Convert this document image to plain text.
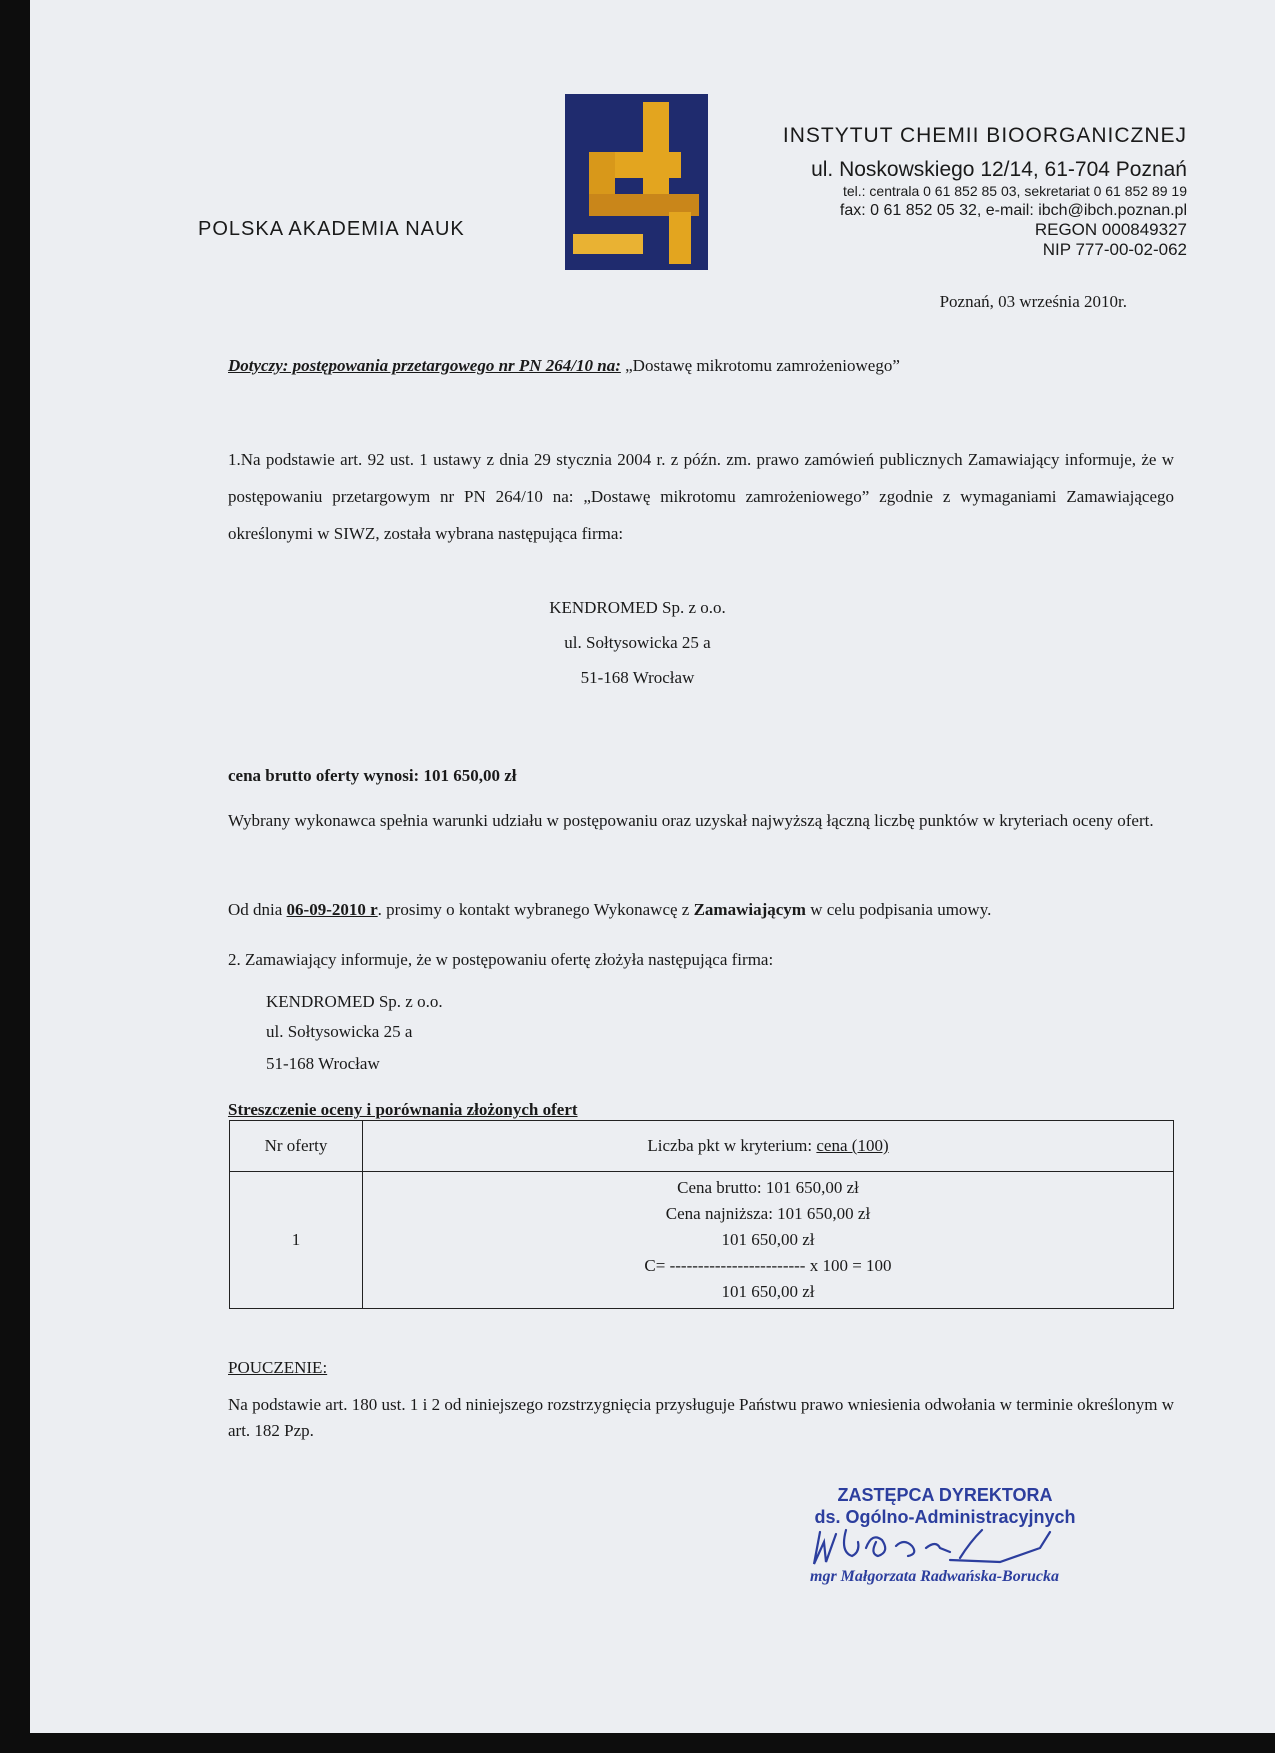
POLSKA AKADEMIA NAUK
INSTYTUT CHEMII BIOORGANICZNEJ
ul. Noskowskiego 12/14, 61-704 Poznań
tel.: centrala 0 61 852 85 03, sekretariat 0 61 852 89 19
fax: 0 61 852 05 32, e-mail: ibch@ibch.poznan.pl
REGON 000849327
NIP 777-00-02-062
Poznań, 03 września 2010r.
Dotyczy: postępowania przetargowego nr PN 264/10 na: „Dostawę mikrotomu zamrożeniowego”
1.Na podstawie art. 92 ust. 1 ustawy z dnia 29 stycznia 2004 r. z późn. zm. prawo zamówień publicznych Zamawiający informuje, że w postępowaniu przetargowym nr PN 264/10 na: „Dostawę mikrotomu zamrożeniowego” zgodnie z wymaganiami Zamawiającego określonymi w SIWZ, została wybrana następująca firma:
KENDROMED Sp. z o.o.
ul. Sołtysowicka 25 a
51-168 Wrocław
cena brutto oferty wynosi: 101 650,00 zł
Wybrany wykonawca spełnia warunki udziału w postępowaniu oraz uzyskał najwyższą łączną liczbę punktów w kryteriach oceny ofert.
Od dnia 06-09-2010 r. prosimy o kontakt wybranego Wykonawcę z Zamawiającym w celu podpisania umowy.
2. Zamawiający informuje, że w postępowaniu ofertę złożyła następująca firma:
KENDROMED Sp. z o.o.
ul. Sołtysowicka 25 a
51-168 Wrocław
Streszczenie oceny i porównania złożonych ofert
Nr oferty	Liczba pkt w kryterium: cena (100)
1	Cena brutto: 101 650,00 zł
Cena najniższa: 101 650,00 zł
101 650,00 zł
C= ------------------------ x 100 = 100
101 650,00 zł
POUCZENIE:
Na podstawie art. 180 ust. 1 i 2 od niniejszego rozstrzygnięcia przysługuje Państwu prawo wniesienia odwołania w terminie określonym w art. 182 Pzp.
ZASTĘPCA DYREKTORA
ds. Ogólno-Administracyjnych
mgr Małgorzata Radwańska-Borucka
